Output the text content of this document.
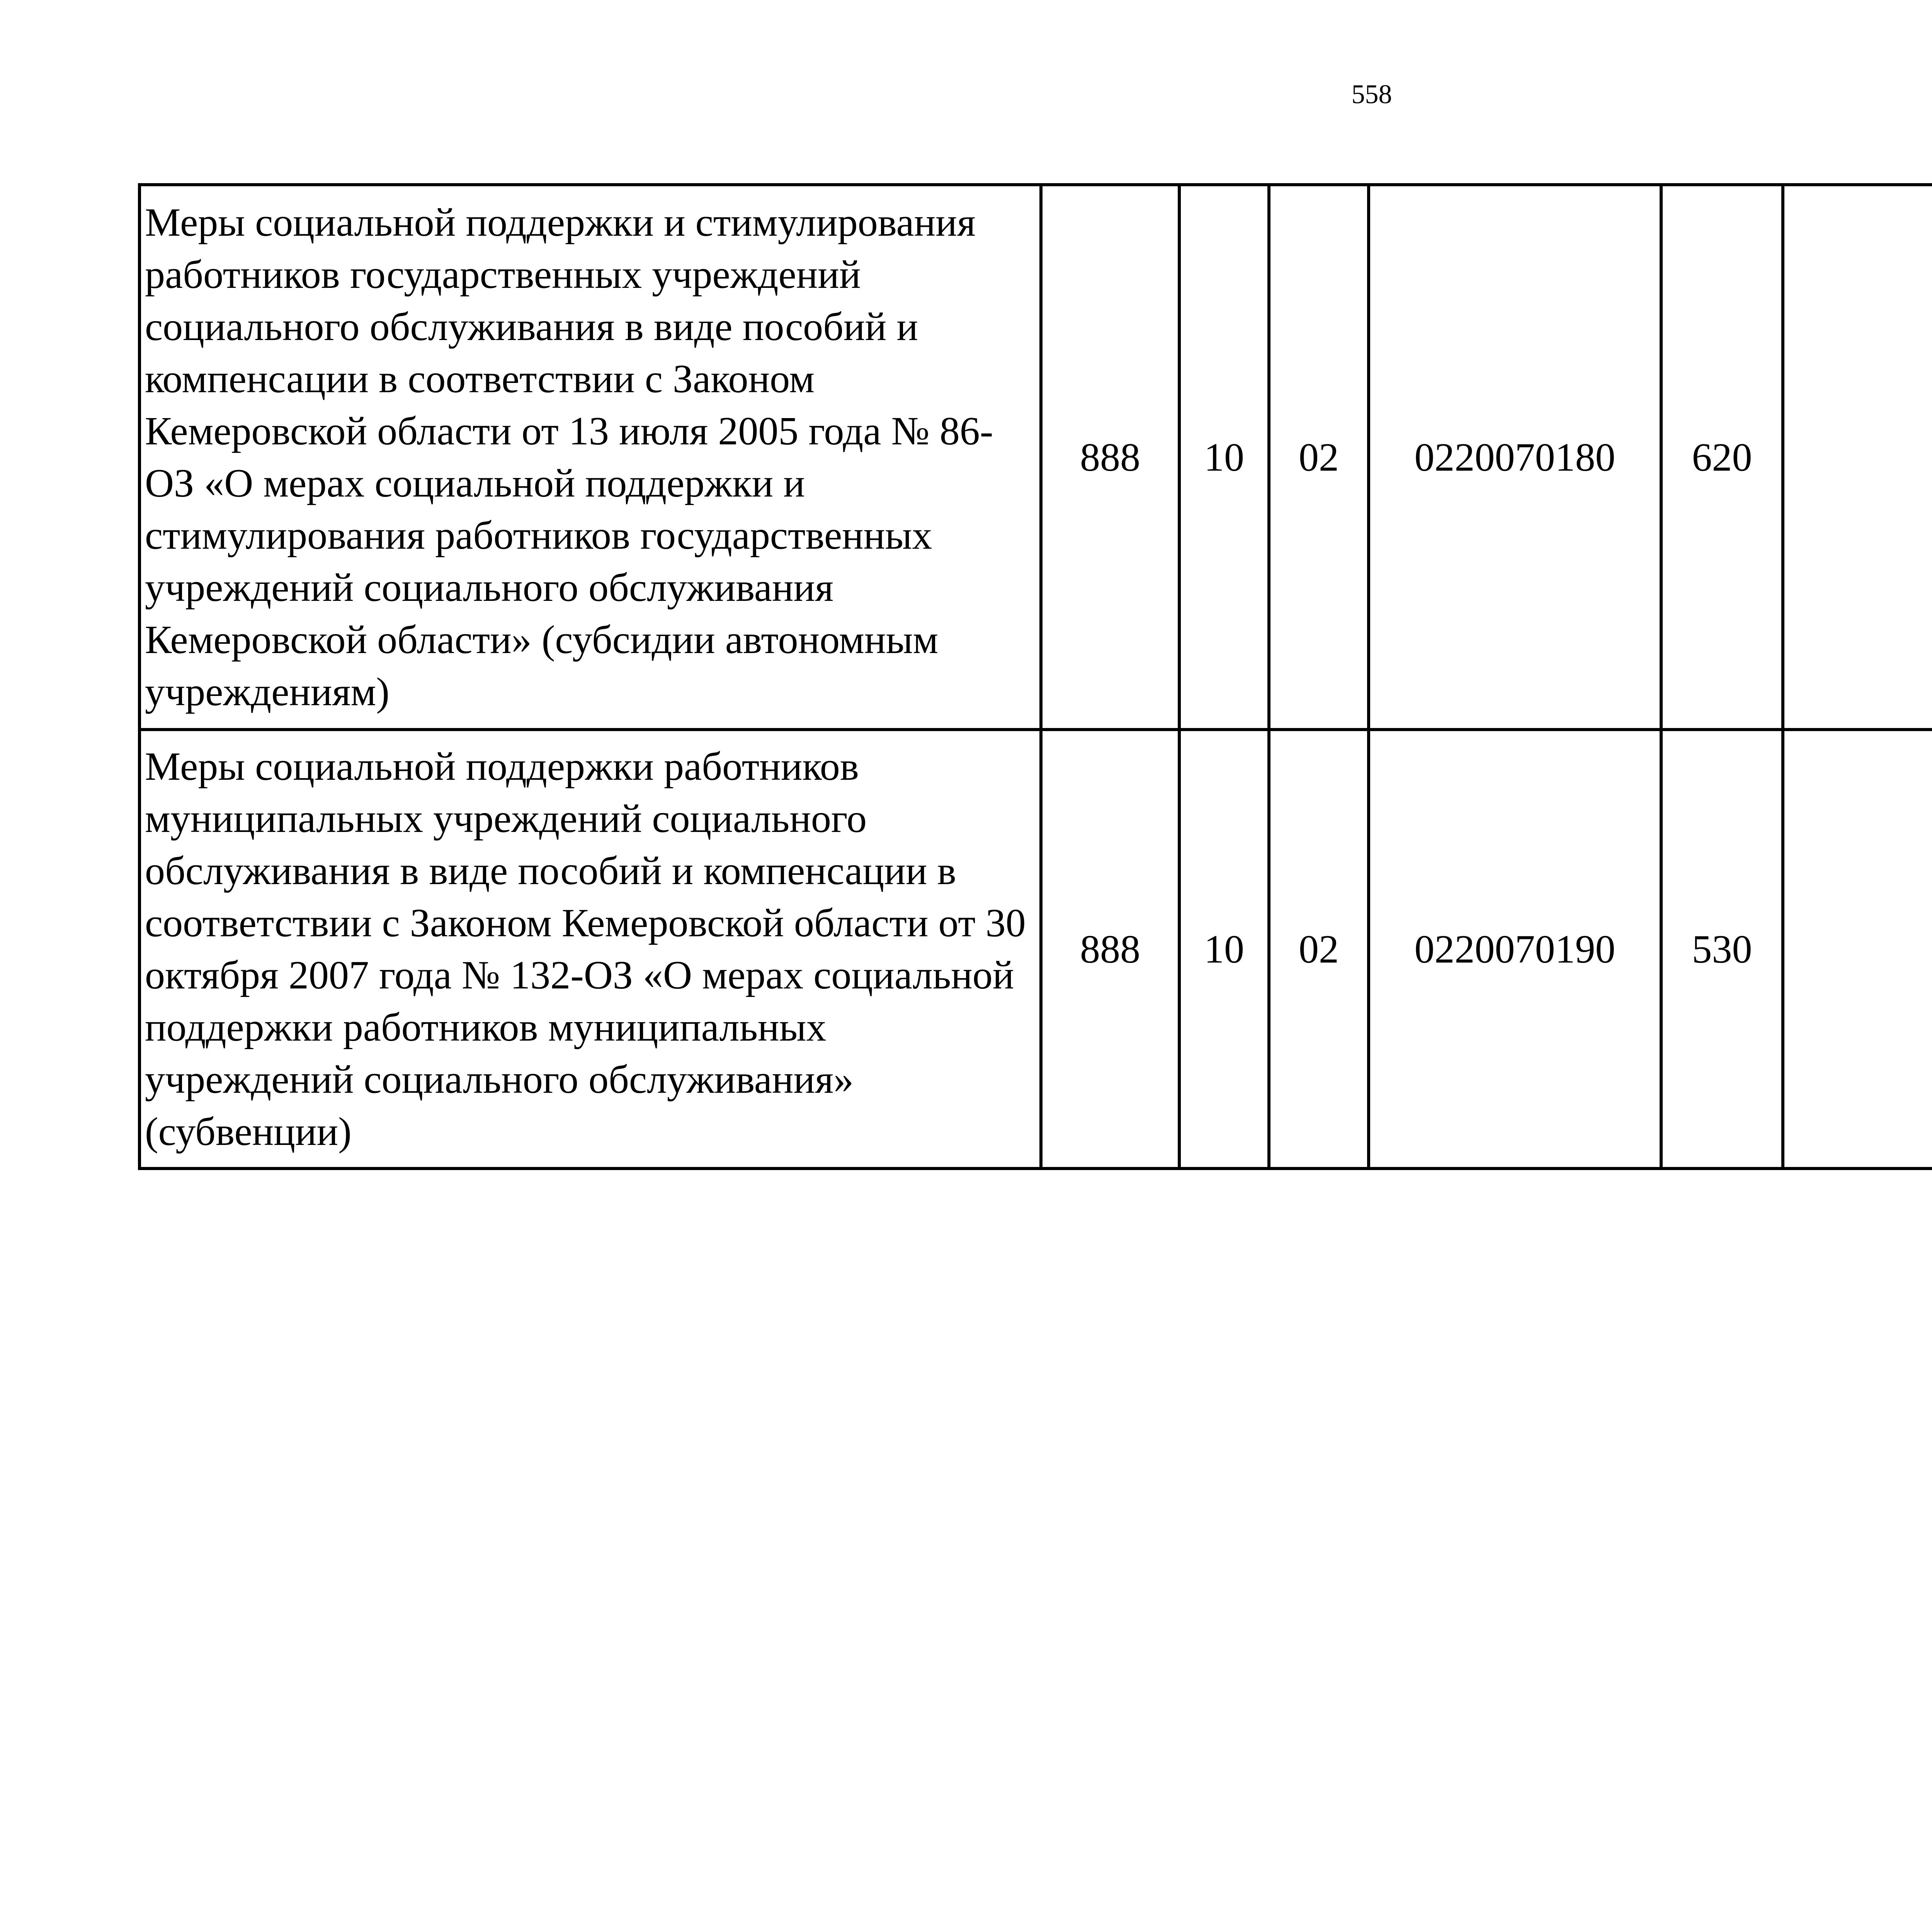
558
Меры социальной поддержки и стимулирования работников государственных учреждений социального обслуживания в виде пособий и компенсации в соответствии с Законом Кемеровской области от 13 июля 2005 года № 86-ОЗ «О мерах социальной поддержки и стимулирования работников государственных учреждений социального обслуживания Кемеровской области» (субсидии автономным учреждениям)	888	10	02	0220070180	620			
Меры социальной поддержки работников муниципальных учреждений социального обслуживания в виде пособий и компенсации в соответствии с Законом Кемеровской области от 30 октября 2007 года № 132-ОЗ «О мерах социальной поддержки работников муниципальных учреждений социального обслуживания» (субвенции)	888	10	02	0220070190	530			
